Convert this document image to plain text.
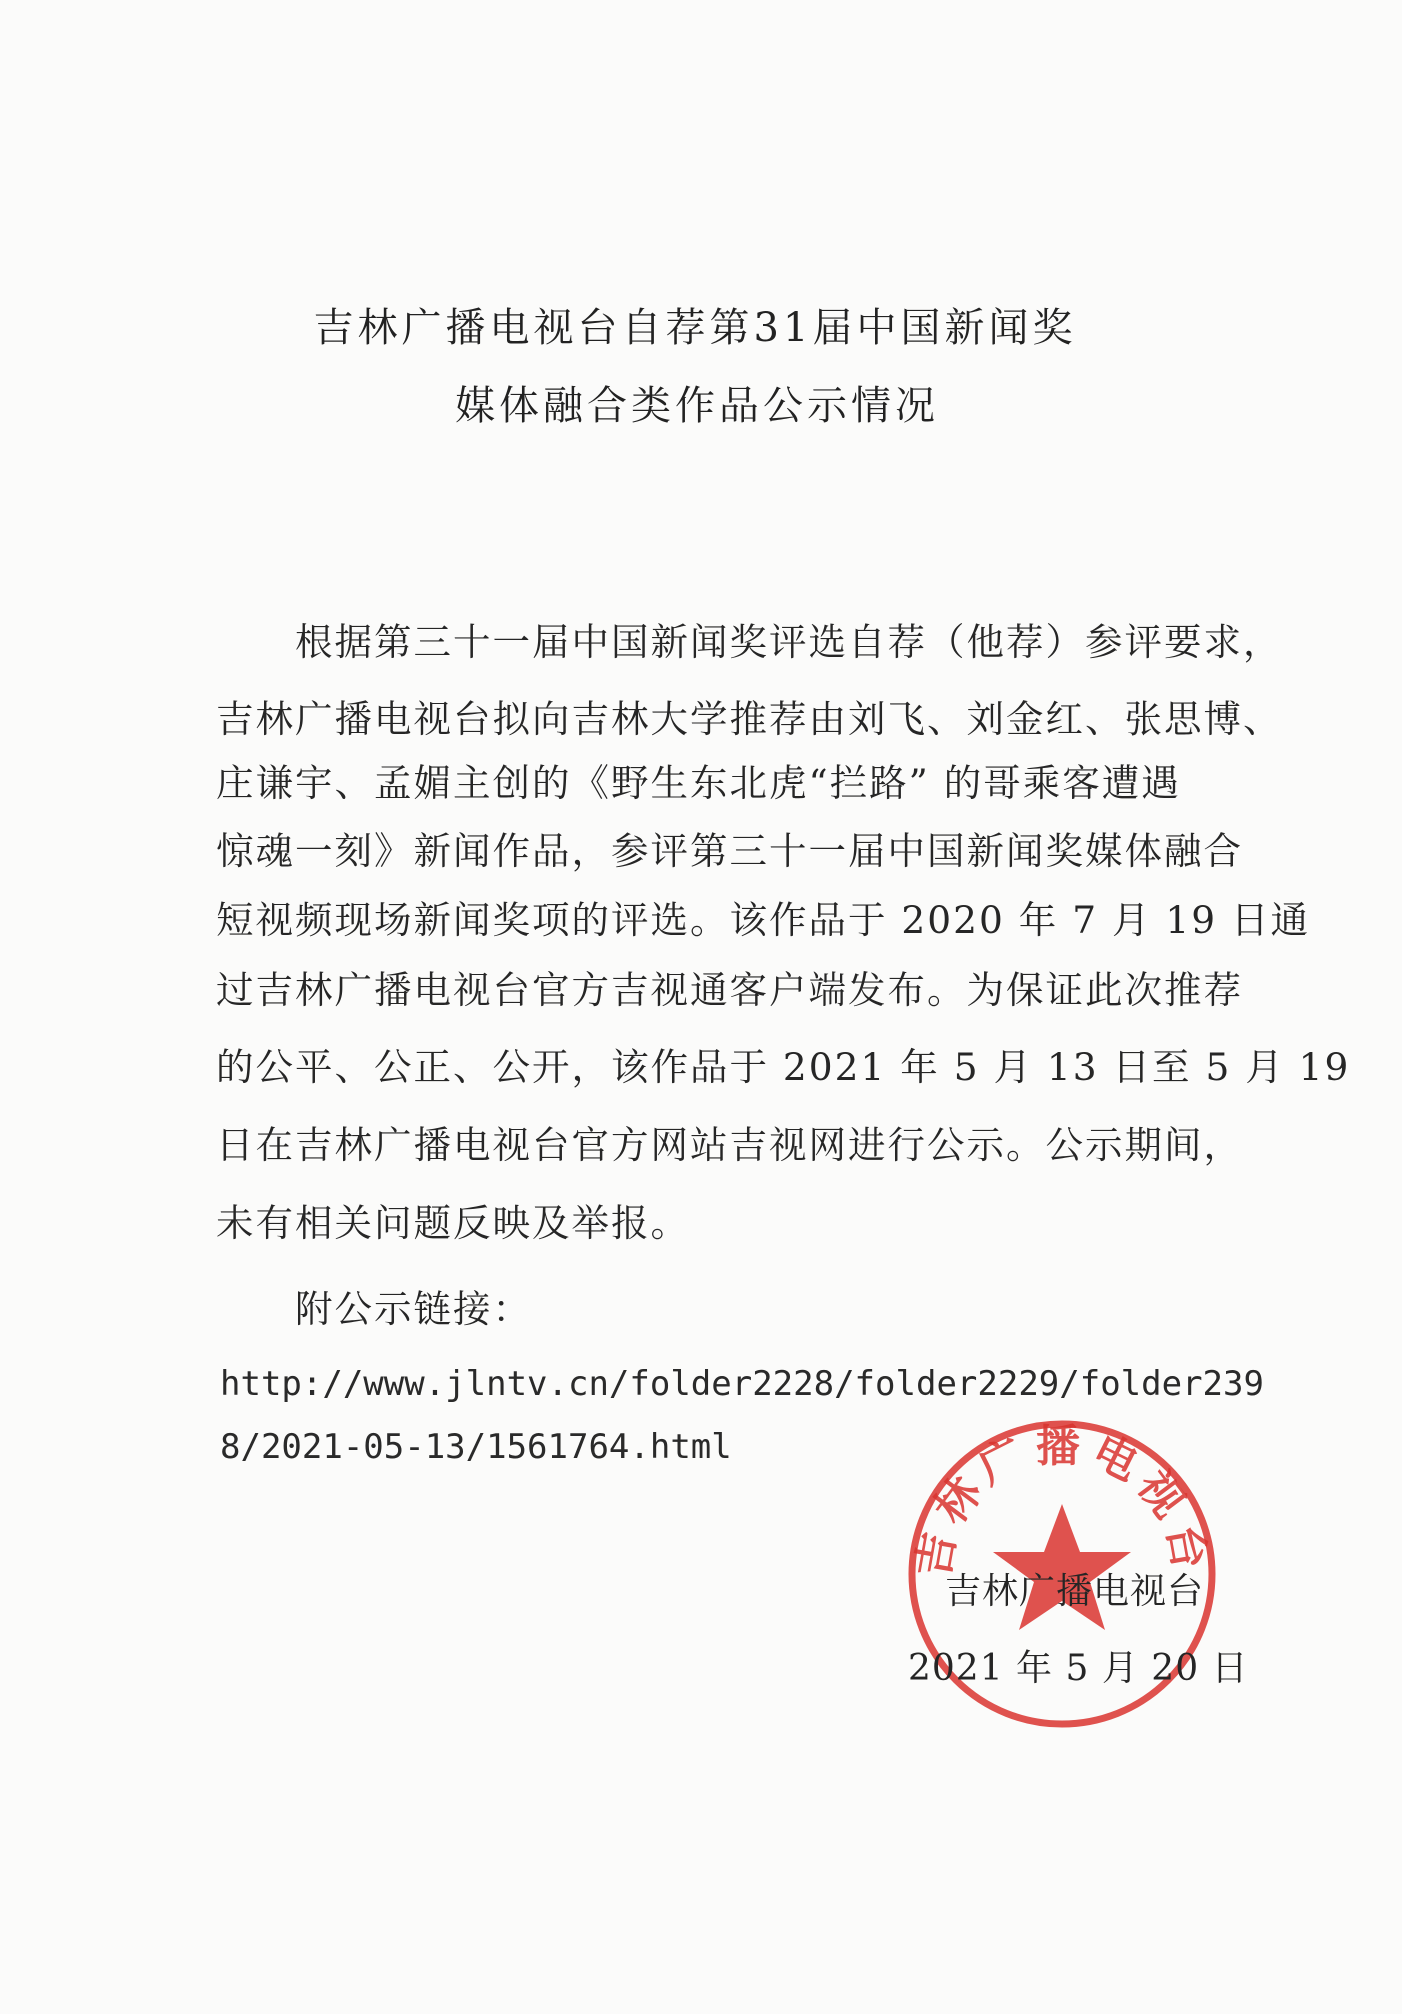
吉林广播电视台自荐第31届中国新闻奖
媒体融合类作品公示情况
　　根据第三十一届中国新闻奖评选自荐（他荐）参评要求，
吉林广播电视台拟向吉林大学推荐由刘飞、刘金红、张思博、
庄谦宇、孟媚主创的《野生东北虎“拦路” 的哥乘客遭遇
惊魂一刻》新闻作品，参评第三十一届中国新闻奖媒体融合
短视频现场新闻奖项的评选。该作品于 2020 年 7 月 19 日通
过吉林广播电视台官方吉视通客户端发布。为保证此次推荐
的公平、公正、公开，该作品于 2021 年 5 月 13 日至 5 月 19
日在吉林广播电视台官方网站吉视网进行公示。公示期间，
未有相关问题反映及举报。
　　附公示链接：
http://www.jlntv.cn/folder2228/folder2229/folder239
8/2021-05-13/1561764.html
吉林广播电视台
吉林广播电视台
2021 年 5 月 20 日
